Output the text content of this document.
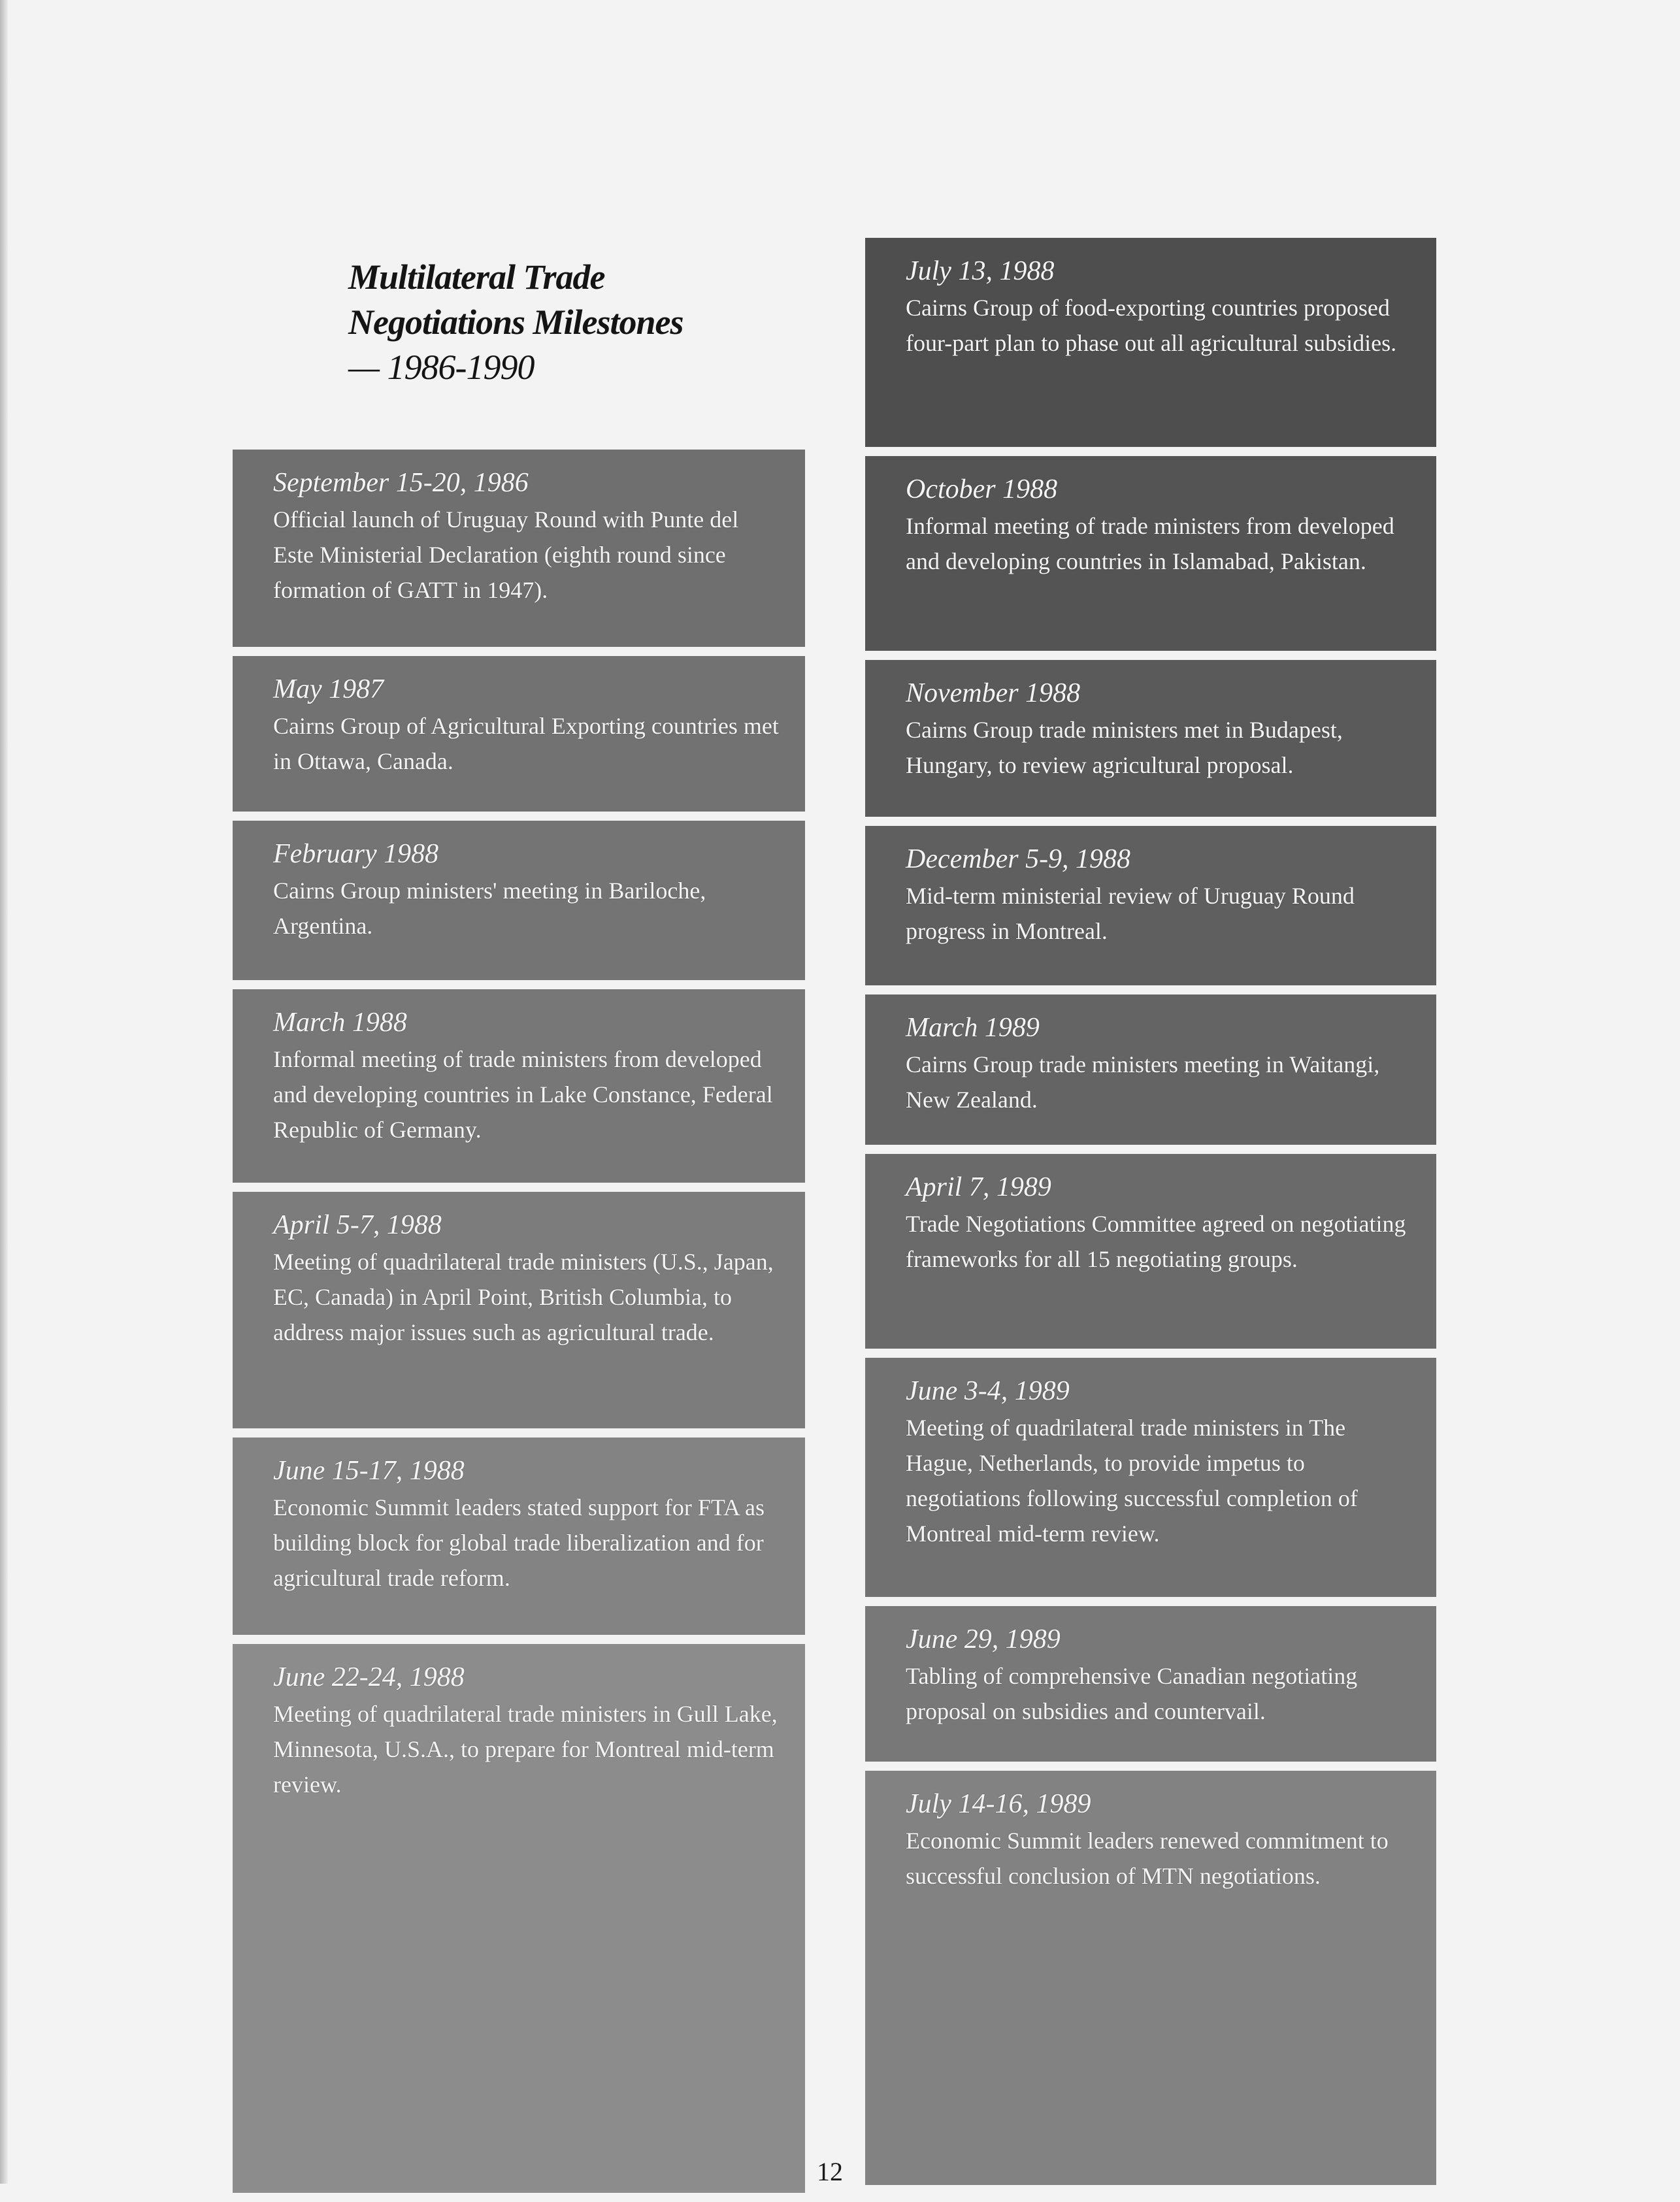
Multilateral Trade
Negotiations Milestones
— 1986-1990
September 15-20, 1986
Official launch of Uruguay Round with Punte del Este Ministerial Declaration (eighth round since formation of GATT in 1947).
May 1987
Cairns Group of Agricultural Exporting countries met in Ottawa, Canada.
February 1988
Cairns Group ministers' meeting in Bariloche, Argentina.
March 1988
Informal meeting of trade ministers from developed and developing countries in Lake Constance, Federal Republic of Germany.
April 5-7, 1988
Meeting of quadrilateral trade ministers (U.S., Japan, EC, Canada) in April Point, British Columbia, to address major issues such as agricultural trade.
June 15-17, 1988
Economic Summit leaders stated support for FTA as building block for global trade liberalization and for agricultural trade reform.
June 22-24, 1988
Meeting of quadrilateral trade ministers in Gull Lake, Minnesota, U.S.A., to prepare for Montreal mid-term review.
July 13, 1988
Cairns Group of food-exporting countries proposed four-part plan to phase out all agricultural subsidies.
October 1988
Informal meeting of trade ministers from developed and developing countries in Islamabad, Pakistan.
November 1988
Cairns Group trade ministers met in Budapest, Hungary, to review agricultural proposal.
December 5-9, 1988
Mid-term ministerial review of Uruguay Round progress in Montreal.
March 1989
Cairns Group trade ministers meeting in Waitangi, New Zealand.
April 7, 1989
Trade Negotiations Committee agreed on negotiating frameworks for all 15 negotiating groups.
June 3-4, 1989
Meeting of quadrilateral trade ministers in The Hague, Netherlands, to provide impetus to negotiations following successful completion of Montreal mid-term review.
June 29, 1989
Tabling of comprehensive Canadian negotiating proposal on subsidies and countervail.
July 14-16, 1989
Economic Summit leaders renewed commitment to successful conclusion of MTN negotiations.
12
